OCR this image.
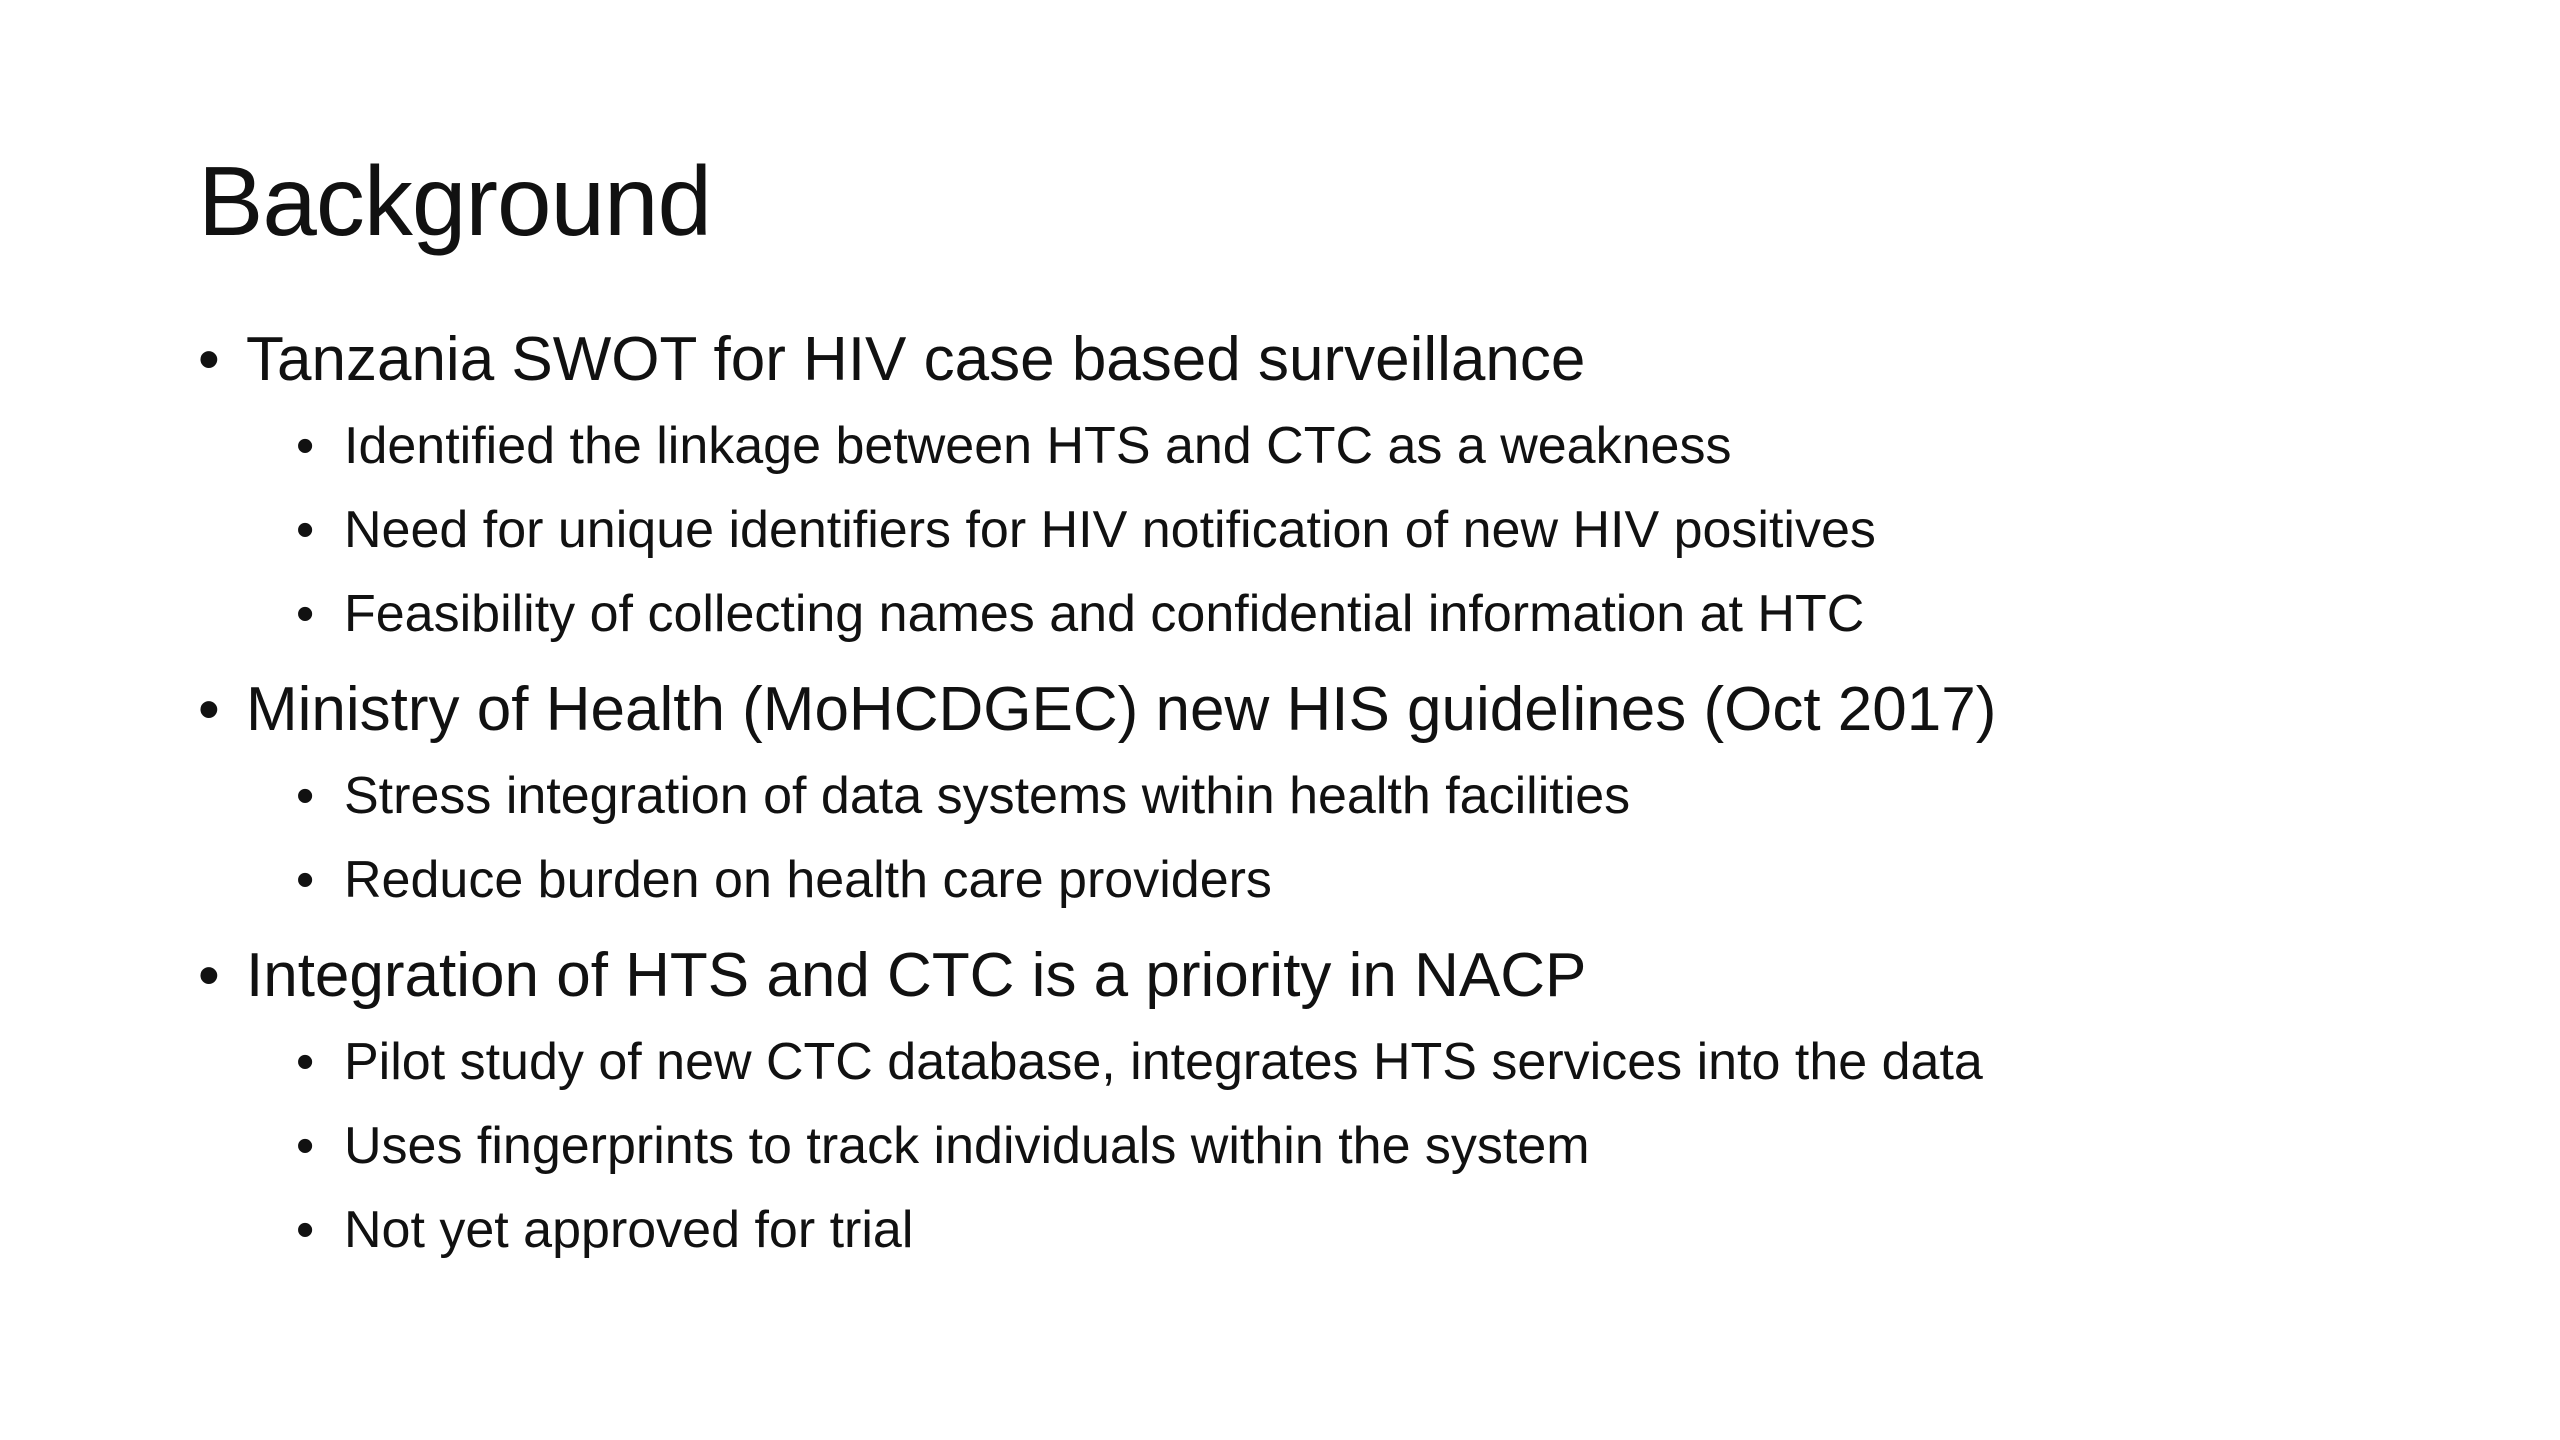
Background
• Tanzania SWOT for HIV case based surveillance
• Identified the linkage between HTS and CTC as a weakness
• Need for unique identifiers for HIV notification of new HIV positives
• Feasibility of collecting names and confidential information at HTC
• Ministry of Health (MoHCDGEC) new HIS guidelines (Oct 2017)
• Stress integration of data systems within health facilities
• Reduce burden on health care providers
• Integration of HTS and CTC is a priority in NACP
• Pilot study of new CTC database, integrates HTS services into the data
• Uses fingerprints to track individuals within the system
• Not yet approved for trial
